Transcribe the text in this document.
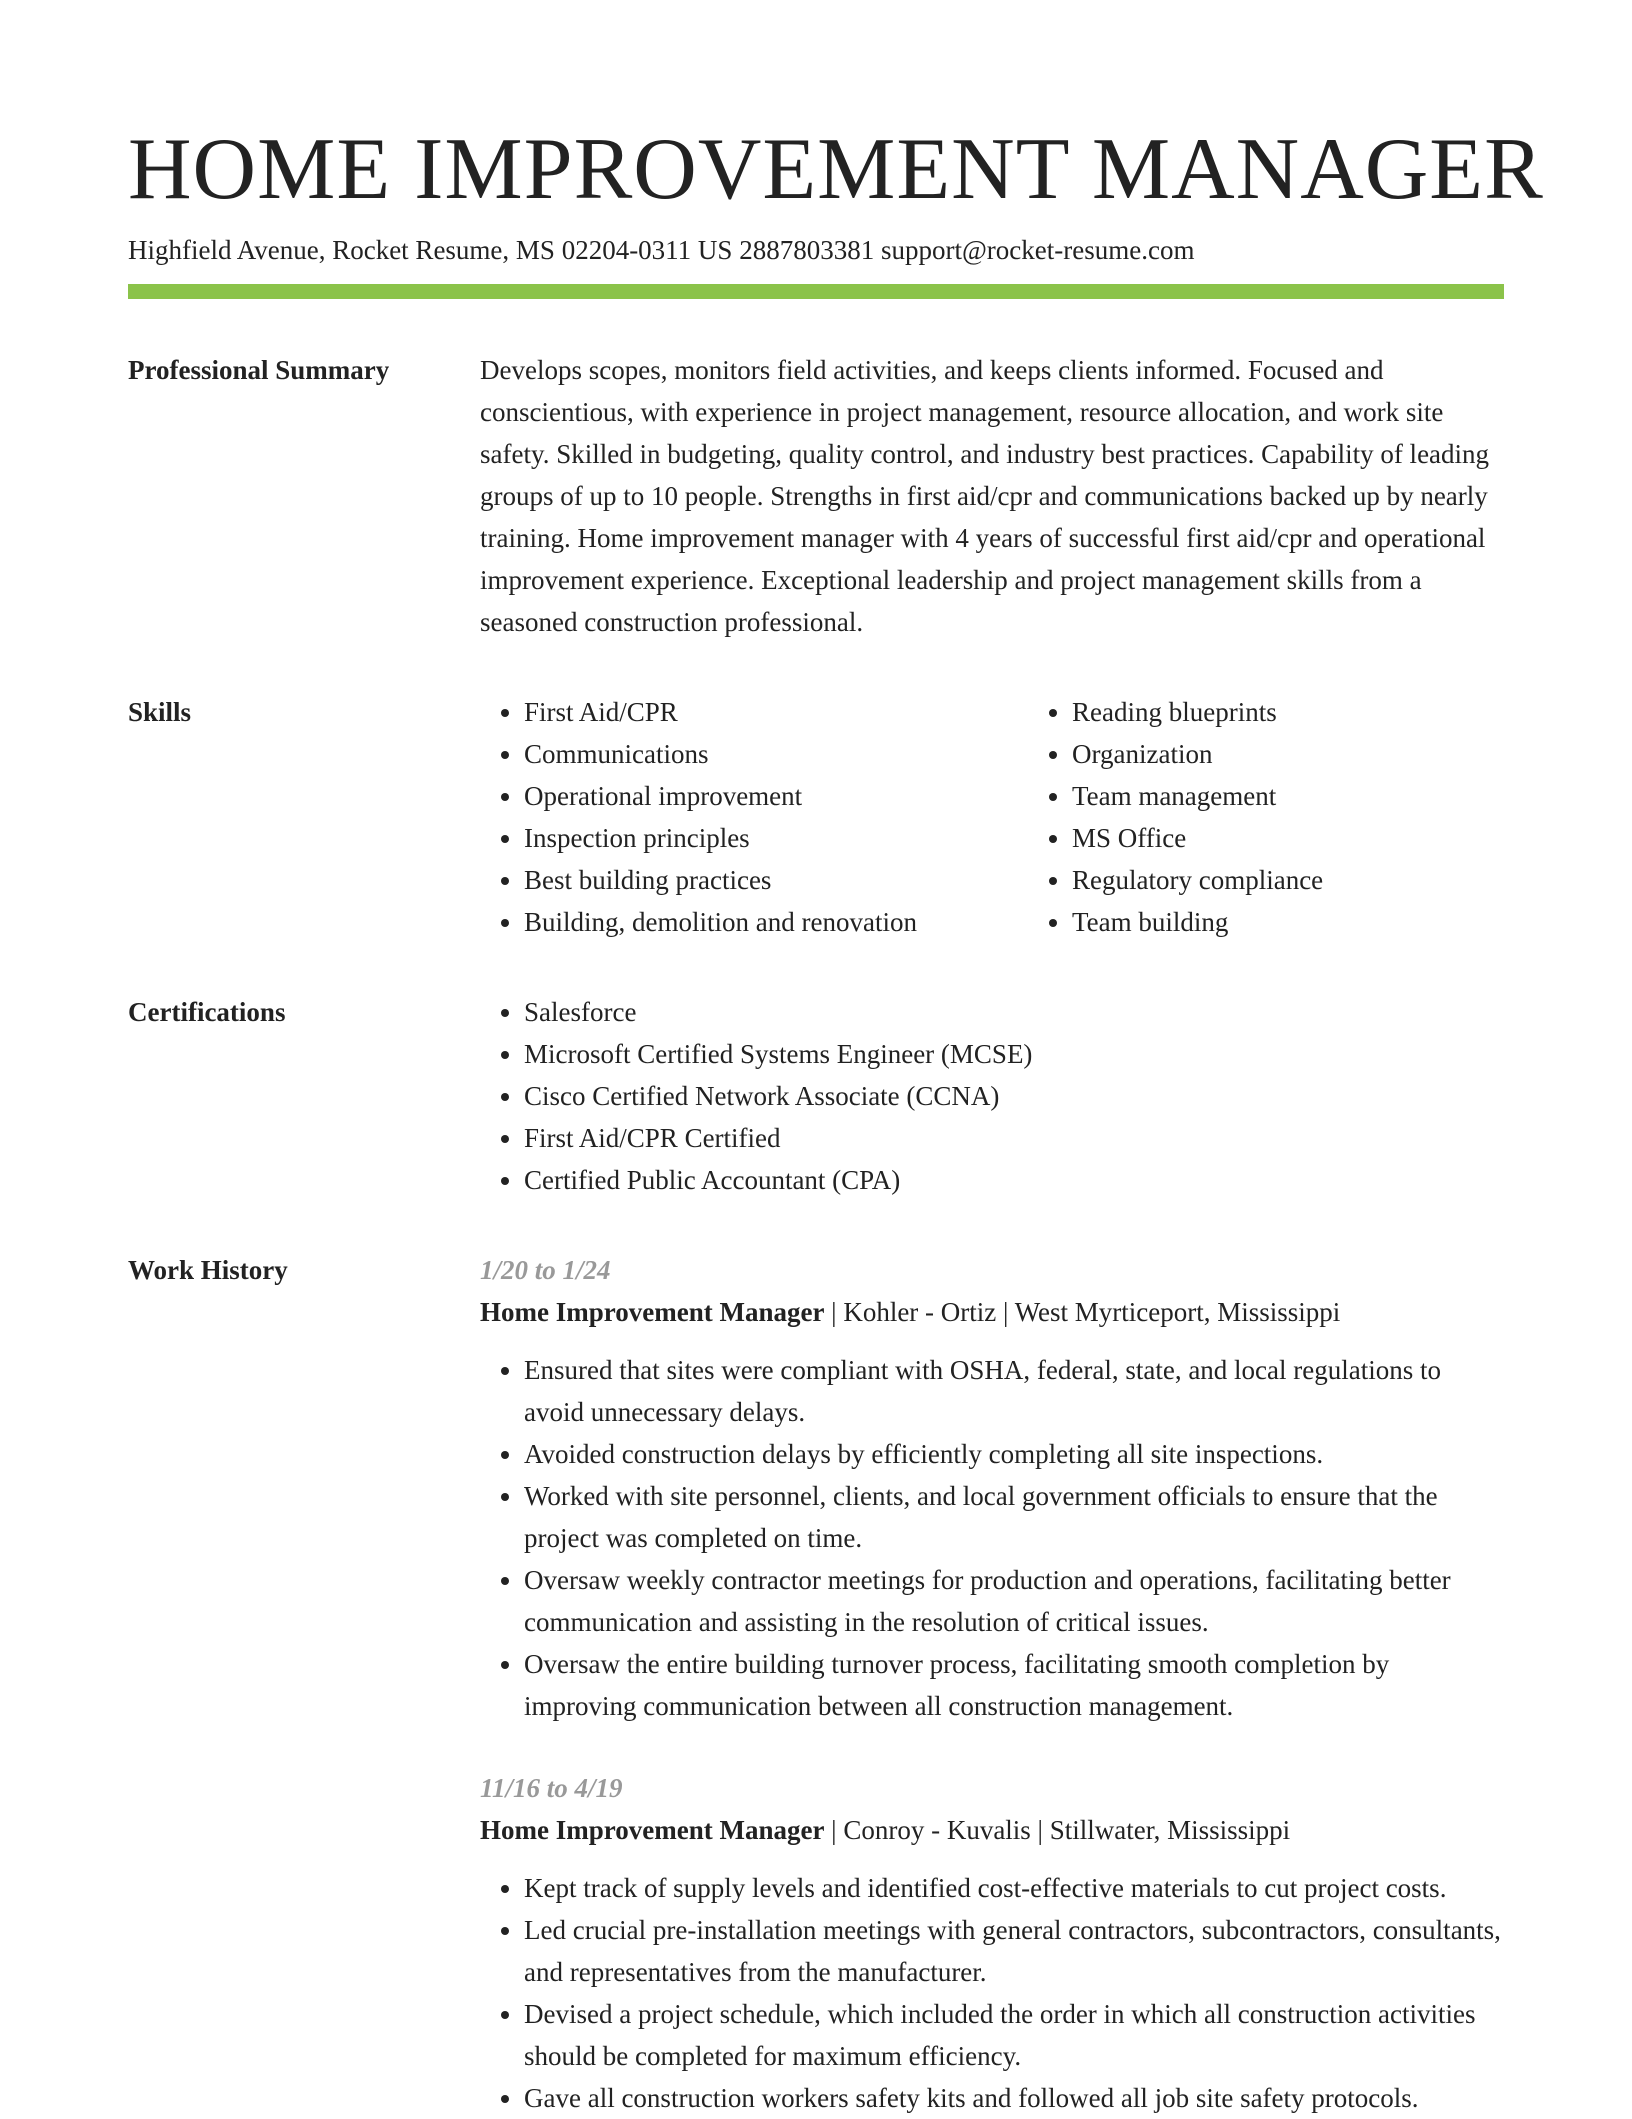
HOME IMPROVEMENT MANAGER
Highfield Avenue, Rocket Resume, MS 02204-0311 US 2887803381 support@rocket-resume.com
Professional Summary	Develops scopes, monitors field activities, and keeps clients informed. Focused and conscientious, with experience in project management, resource allocation, and work site safety. Skilled in budgeting, quality control, and industry best practices. Capability of leading groups of up to 10 people. Strengths in first aid/cpr and communications backed up by nearly training. Home improvement manager with 4 years of successful first aid/cpr and operational improvement experience. Exceptional leadership and project management skills from a seasoned construction professional.

Skills	• First Aid/CPR
• Communications
• Operational improvement
• Inspection principles
• Best building practices
• Building, demolition and renovation
• Reading blueprints
• Organization
• Team management
• MS Office
• Regulatory compliance
• Team building
Certifications	• Salesforce
• Microsoft Certified Systems Engineer (MCSE)
• Cisco Certified Network Associate (CCNA)
• First Aid/CPR Certified
• Certified Public Accountant (CPA)
Work History	1/20 to 1/24
Home Improvement Manager | Kohler - Ortiz | West Myrticeport, Mississippi
• Ensured that sites were compliant with OSHA, federal, state, and local regulations to avoid unnecessary delays.
• Avoided construction delays by efficiently completing all site inspections.
• Worked with site personnel, clients, and local government officials to ensure that the project was completed on time.
• Oversaw weekly contractor meetings for production and operations, facilitating better communication and assisting in the resolution of critical issues.
• Oversaw the entire building turnover process, facilitating smooth completion by improving communication between all construction management.
11/16 to 4/19
Home Improvement Manager | Conroy - Kuvalis | Stillwater, Mississippi
• Kept track of supply levels and identified cost-effective materials to cut project costs.
• Led crucial pre-installation meetings with general contractors, subcontractors, consultants, and representatives from the manufacturer.
• Devised a project schedule, which included the order in which all construction activities should be completed for maximum efficiency.
• Gave all construction workers safety kits and followed all job site safety protocols.
